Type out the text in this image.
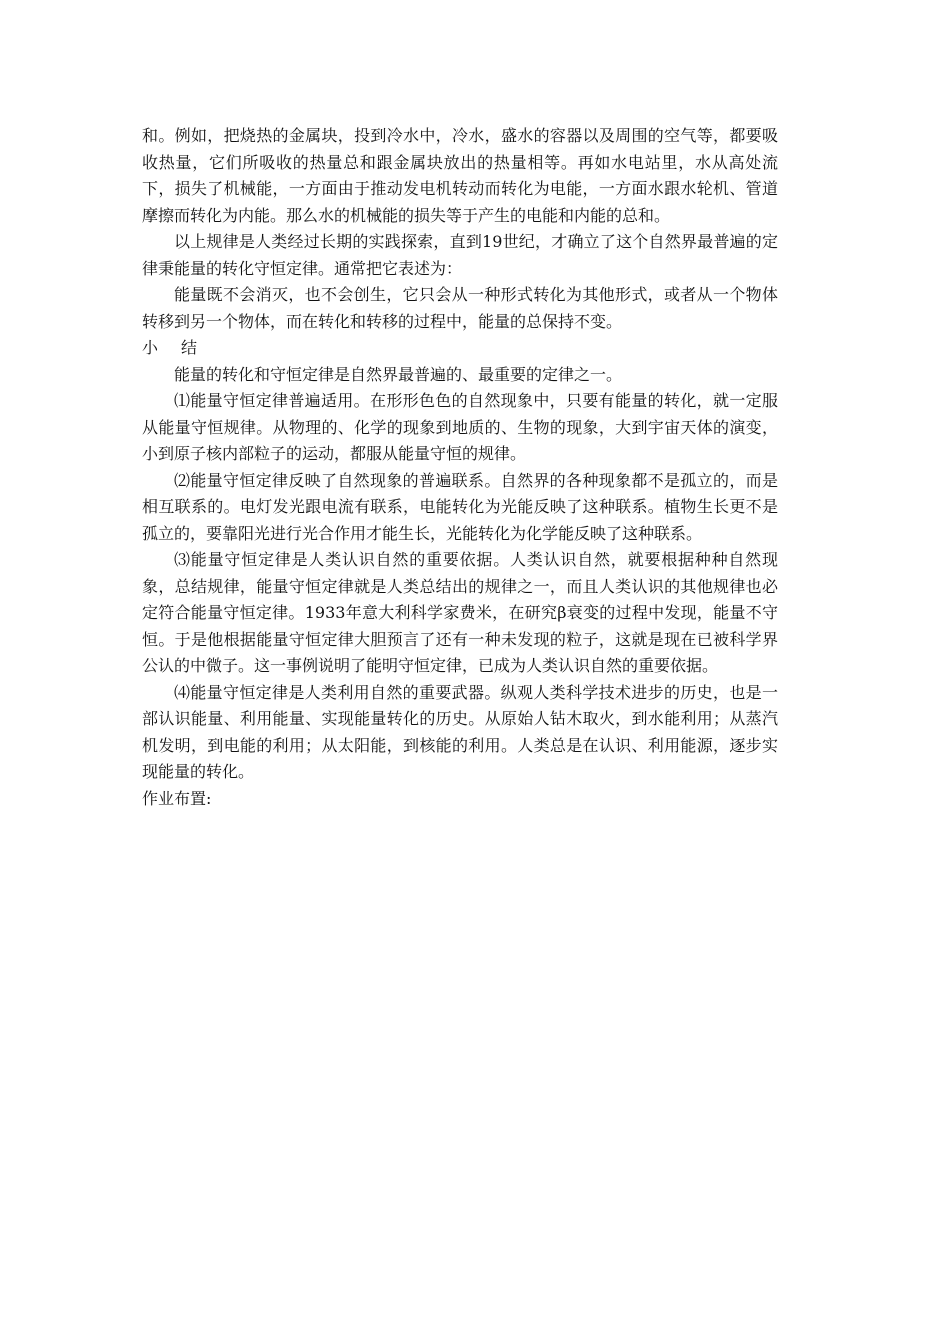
和。例如，把烧热的金属块，投到冷水中，冷水，盛水的容器以及周围的空气等，都要吸收热量，它们所吸收的热量总和跟金属块放出的热量相等。再如水电站里，水从高处流下，损失了机械能，一方面由于推动发电机转动而转化为电能，一方面水跟水轮机、管道摩擦而转化为内能。那么水的机械能的损失等于产生的电能和内能的总和。

以上规律是人类经过长期的实践探索，直到19世纪，才确立了这个自然界最普遍的定律秉能量的转化守恒定律。通常把它表述为：

能量既不会消灭，也不会创生，它只会从一种形式转化为其他形式，或者从一个物体转移到另一个物体，而在转化和转移的过程中，能量的总保持不变。

小 结

能量的转化和守恒定律是自然界最普遍的、最重要的定律之一。

⑴能量守恒定律普遍适用。在形形色色的自然现象中，只要有能量的转化，就一定服从能量守恒规律。从物理的、化学的现象到地质的、生物的现象，大到宇宙天体的演变，小到原子核内部粒子的运动，都服从能量守恒的规律。

⑵能量守恒定律反映了自然现象的普遍联系。自然界的各种现象都不是孤立的，而是相互联系的。电灯发光跟电流有联系，电能转化为光能反映了这种联系。植物生长更不是孤立的，要靠阳光进行光合作用才能生长，光能转化为化学能反映了这种联系。

⑶能量守恒定律是人类认识自然的重要依据。人类认识自然，就要根据种种自然现象，总结规律，能量守恒定律就是人类总结出的规律之一，而且人类认识的其他规律也必定符合能量守恒定律。1933年意大利科学家费米，在研究β衰变的过程中发现，能量不守恒。于是他根据能量守恒定律大胆预言了还有一种未发现的粒子，这就是现在已被科学界公认的中微子。这一事例说明了能明守恒定律，已成为人类认识自然的重要依据。

⑷能量守恒定律是人类利用自然的重要武器。纵观人类科学技术进步的历史，也是一部认识能量、利用能量、实现能量转化的历史。从原始人钻木取火，到水能利用；从蒸汽机发明，到电能的利用；从太阳能，到核能的利用。人类总是在认识、利用能源，逐步实现能量的转化。

作业布置:
